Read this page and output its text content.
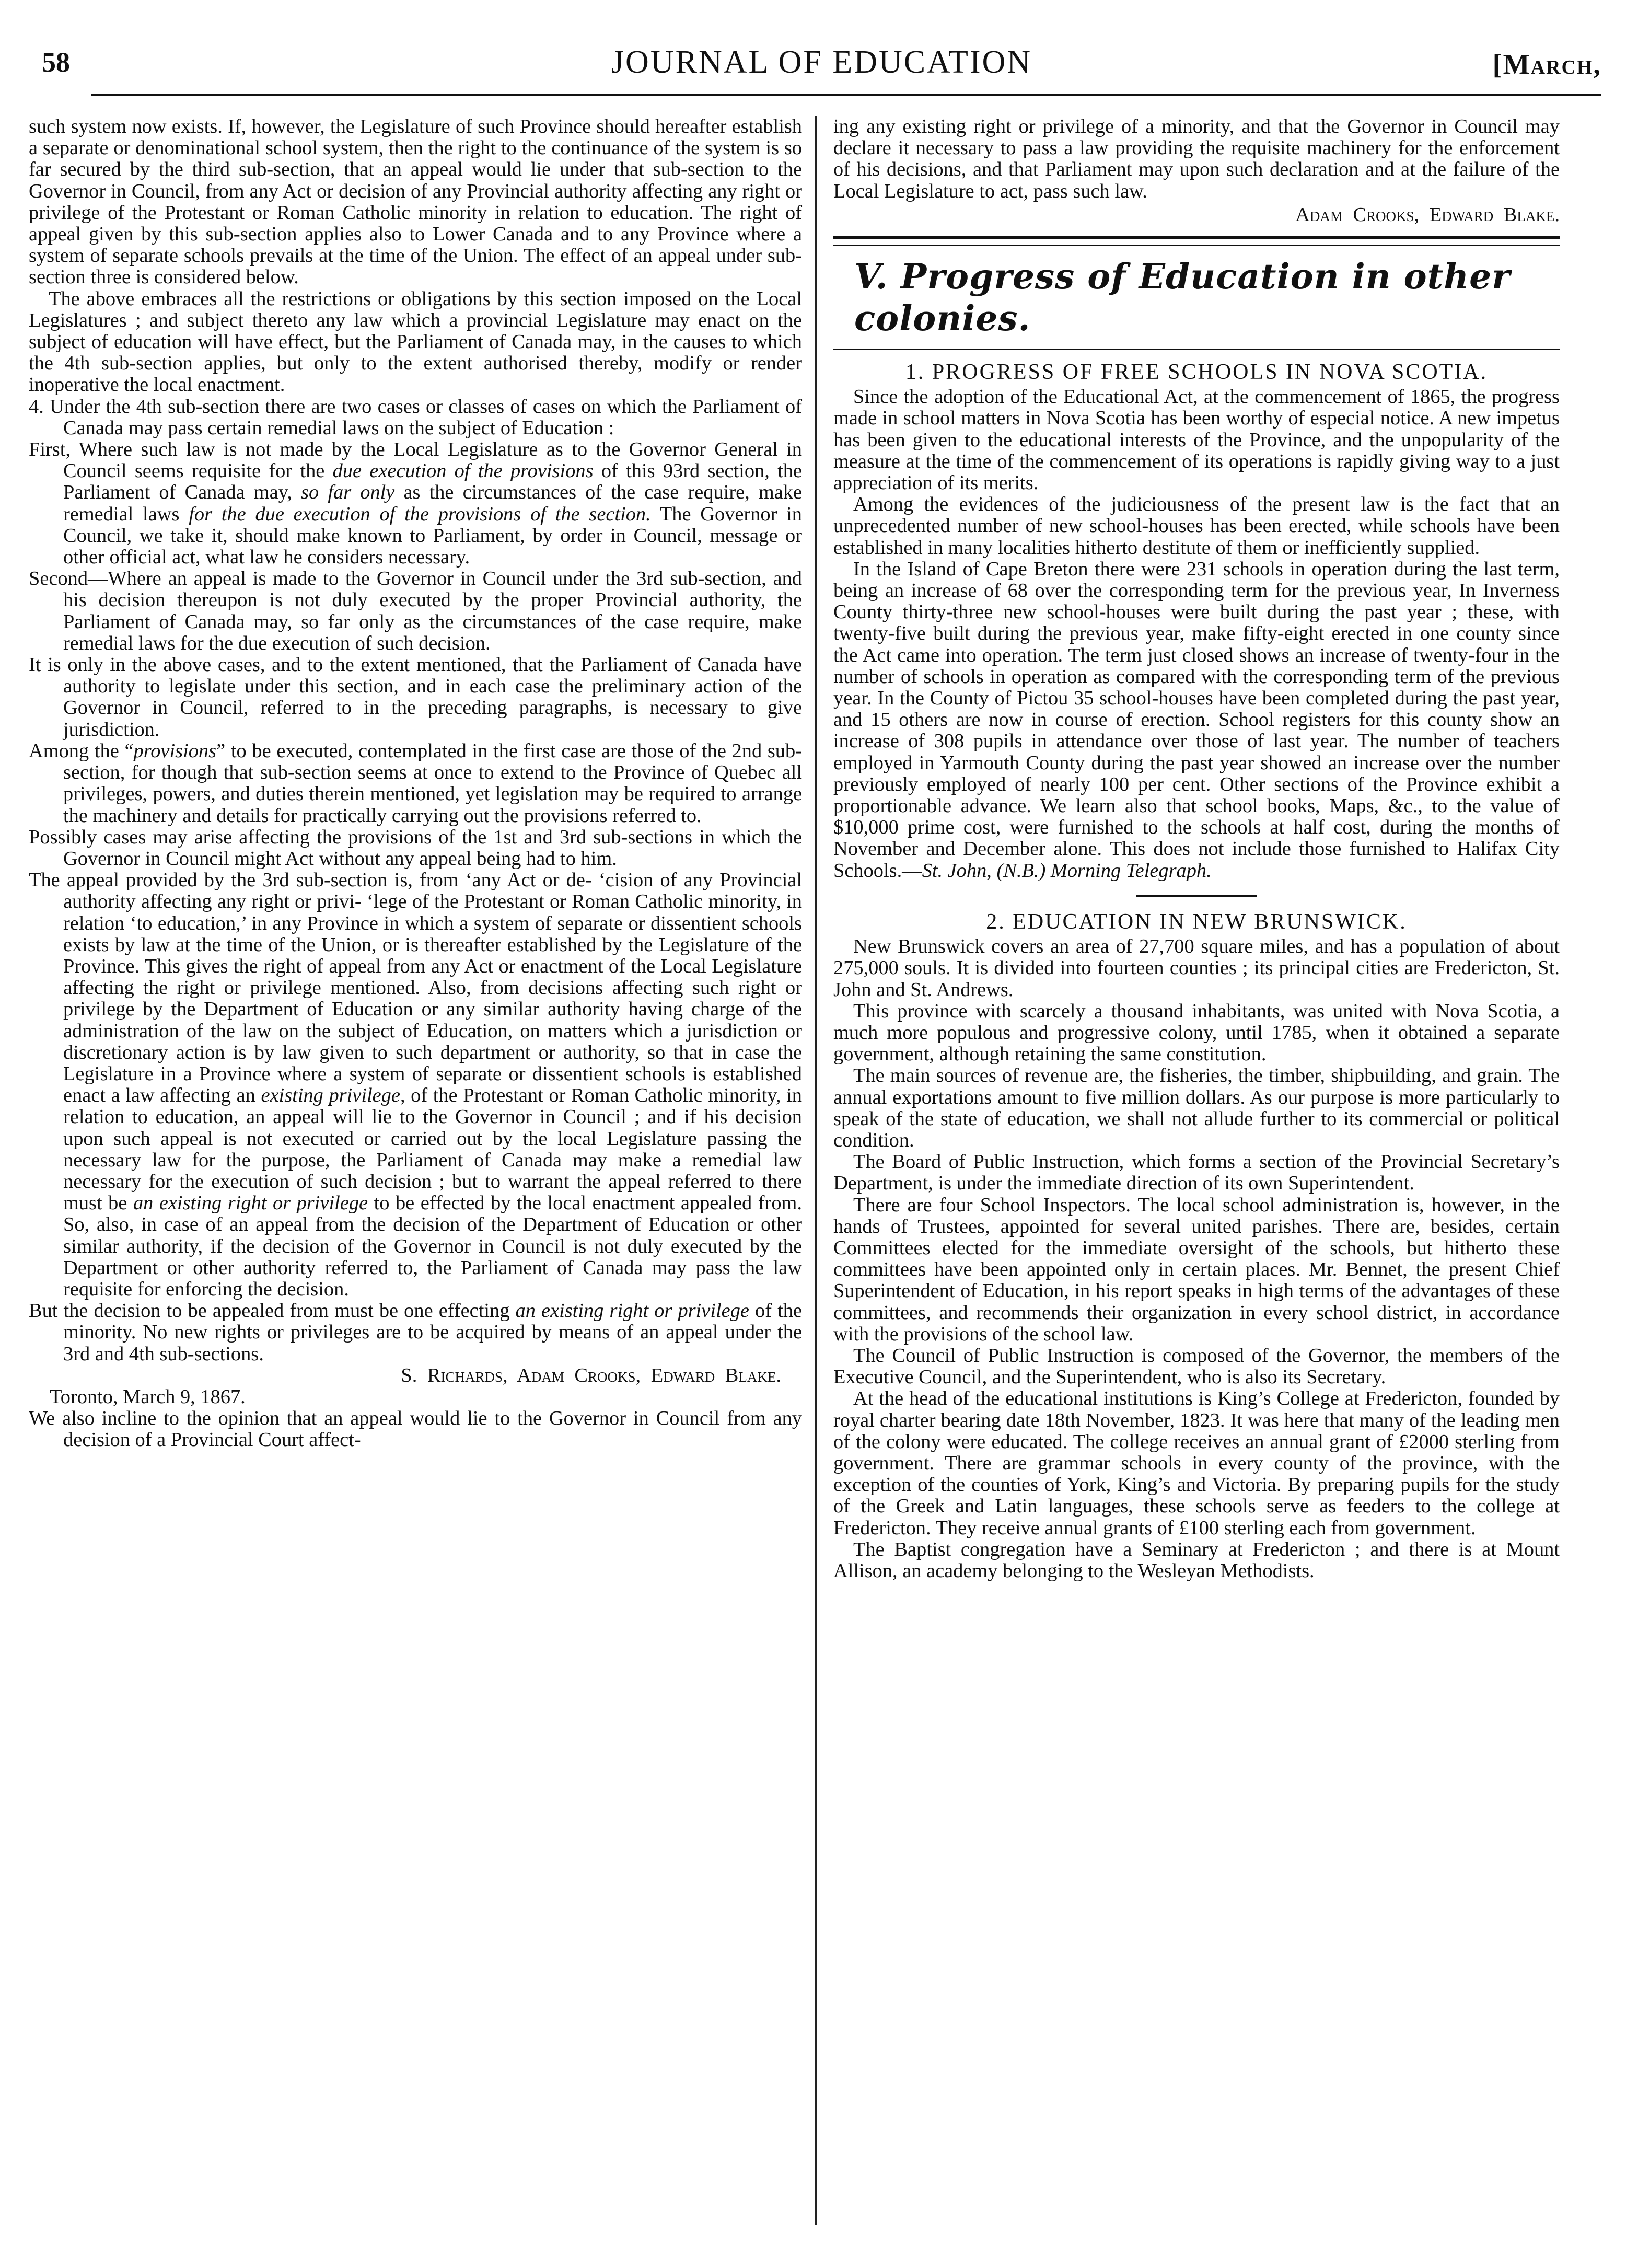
58	JOURNAL OF EDUCATION	[March,

such system now exists. If, however, the Legislature of such Province should hereafter establish a separate or denominational school system, then the right to the continuance of the system is so far secured by the third sub-section, that an appeal would lie under that sub-section to the Governor in Council, from any Act or decision of any Provincial authority affecting any right or privilege of the Protestant or Roman Catholic minority in relation to education. The right of appeal given by this sub-section applies also to Lower Canada and to any Province where a system of separate schools prevails at the time of the Union. The effect of an appeal under sub-section three is considered below.

The above embraces all the restrictions or obligations by this section imposed on the Local Legislatures ; and subject thereto any law which a provincial Legislature may enact on the subject of education will have effect, but the Parliament of Canada may, in the causes to which the 4th sub-section applies, but only to the extent authorised thereby, modify or render inoperative the local enactment.

4. Under the 4th sub-section there are two cases or classes of cases on which the Parliament of Canada may pass certain remedial laws on the subject of Education :

First, Where such law is not made by the Local Legislature as to the Governor General in Council seems requisite for the due execution of the provisions of this 93rd section, the Parliament of Canada may, so far only as the circumstances of the case require, make remedial laws for the due execution of the provisions of the section. The Governor in Council, we take it, should make known to Parliament, by order in Council, message or other official act, what law he considers necessary.

Second—Where an appeal is made to the Governor in Council under the 3rd sub-section, and his decision thereupon is not duly executed by the proper Provincial authority, the Parliament of Canada may, so far only as the circumstances of the case require, make remedial laws for the due execution of such decision.

It is only in the above cases, and to the extent mentioned, that the Parliament of Canada have authority to legislate under this section, and in each case the preliminary action of the Governor in Council, referred to in the preceding paragraphs, is necessary to give jurisdiction.

Among the “provisions” to be executed, contemplated in the first case are those of the 2nd sub-section, for though that sub-section seems at once to extend to the Province of Quebec all privileges, powers, and duties therein mentioned, yet legislation may be required to arrange the machinery and details for practically carrying out the provisions referred to.

Possibly cases may arise affecting the provisions of the 1st and 3rd sub-sections in which the Governor in Council might Act without any appeal being had to him.

The appeal provided by the 3rd sub-section is, from ‘any Act or de- ‘cision of any Provincial authority affecting any right or privi- ‘lege of the Protestant or Roman Catholic minority, in relation ‘to education,’ in any Province in which a system of separate or dissentient schools exists by law at the time of the Union, or is thereafter established by the Legislature of the Province. This gives the right of appeal from any Act or enactment of the Local Legislature affecting the right or privilege mentioned. Also, from decisions affecting such right or privilege by the Department of Education or any similar authority having charge of the administration of the law on the subject of Education, on matters which a jurisdiction or discretionary action is by law given to such department or authority, so that in case the Legislature in a Province where a system of separate or dissentient schools is established enact a law affecting an existing privilege, of the Protestant or Roman Catholic minority, in relation to education, an appeal will lie to the Governor in Council ; and if his decision upon such appeal is not executed or carried out by the local Legislature passing the necessary law for the purpose, the Parliament of Canada may make a remedial law necessary for the execution of such decision ; but to warrant the appeal referred to there must be an existing right or privilege to be effected by the local enactment appealed from. So, also, in case of an appeal from the decision of the Department of Education or other similar authority, if the decision of the Governor in Council is not duly executed by the Department or other authority referred to, the Parliament of Canada may pass the law requisite for enforcing the decision.

But the decision to be appealed from must be one effecting an existing right or privilege of the minority. No new rights or privileges are to be acquired by means of an appeal under the 3rd and 4th sub-sections.

S. Richards, Adam Crooks, Edward Blake.

Toronto, March 9, 1867.

We also incline to the opinion that an appeal would lie to the Governor in Council from any decision of a Provincial Court affect-

ing any existing right or privilege of a minority, and that the Governor in Council may declare it necessary to pass a law providing the requisite machinery for the enforcement of his decisions, and that Parliament may upon such declaration and at the failure of the Local Legislature to act, pass such law.

Adam Crooks, Edward Blake.

V. Progress of Education in other colonies.
1. PROGRESS OF FREE SCHOOLS IN NOVA SCOTIA.

Since the adoption of the Educational Act, at the commencement of 1865, the progress made in school matters in Nova Scotia has been worthy of especial notice. A new impetus has been given to the educational interests of the Province, and the unpopularity of the measure at the time of the commencement of its operations is rapidly giving way to a just appreciation of its merits.

Among the evidences of the judiciousness of the present law is the fact that an unprecedented number of new school-houses has been erected, while schools have been established in many localities hitherto destitute of them or inefficiently supplied.

In the Island of Cape Breton there were 231 schools in operation during the last term, being an increase of 68 over the corresponding term for the previous year, In Inverness County thirty-three new school-houses were built during the past year ; these, with twenty-five built during the previous year, make fifty-eight erected in one county since the Act came into operation. The term just closed shows an increase of twenty-four in the number of schools in operation as compared with the corresponding term of the previous year. In the County of Pictou 35 school-houses have been completed during the past year, and 15 others are now in course of erection. School registers for this county show an increase of 308 pupils in attendance over those of last year. The number of teachers employed in Yarmouth County during the past year showed an increase over the number previously employed of nearly 100 per cent. Other sections of the Province exhibit a proportionable advance. We learn also that school books, Maps, &c., to the value of $10,000 prime cost, were furnished to the schools at half cost, during the months of November and December alone. This does not include those furnished to Halifax City Schools.—St. John, (N.B.) Morning Telegraph.

2. EDUCATION IN NEW BRUNSWICK.

New Brunswick covers an area of 27,700 square miles, and has a population of about 275,000 souls. It is divided into fourteen counties ; its principal cities are Fredericton, St. John and St. Andrews.

This province with scarcely a thousand inhabitants, was united with Nova Scotia, a much more populous and progressive colony, until 1785, when it obtained a separate government, although retaining the same constitution.

The main sources of revenue are, the fisheries, the timber, shipbuilding, and grain. The annual exportations amount to five million dollars. As our purpose is more particularly to speak of the state of education, we shall not allude further to its commercial or political condition.

The Board of Public Instruction, which forms a section of the Provincial Secretary’s Department, is under the immediate direction of its own Superintendent.

There are four School Inspectors. The local school administration is, however, in the hands of Trustees, appointed for several united parishes. There are, besides, certain Committees elected for the immediate oversight of the schools, but hitherto these committees have been appointed only in certain places. Mr. Bennet, the present Chief Superintendent of Education, in his report speaks in high terms of the advantages of these committees, and recommends their organization in every school district, in accordance with the provisions of the school law.

The Council of Public Instruction is composed of the Governor, the members of the Executive Council, and the Superintendent, who is also its Secretary.

At the head of the educational institutions is King’s College at Fredericton, founded by royal charter bearing date 18th November, 1823. It was here that many of the leading men of the colony were educated. The college receives an annual grant of £2000 sterling from government. There are grammar schools in every county of the province, with the exception of the counties of York, King’s and Victoria. By preparing pupils for the study of the Greek and Latin languages, these schools serve as feeders to the college at Fredericton. They receive annual grants of £100 sterling each from government.

The Baptist congregation have a Seminary at Fredericton ; and there is at Mount Allison, an academy belonging to the Wesleyan Methodists.
